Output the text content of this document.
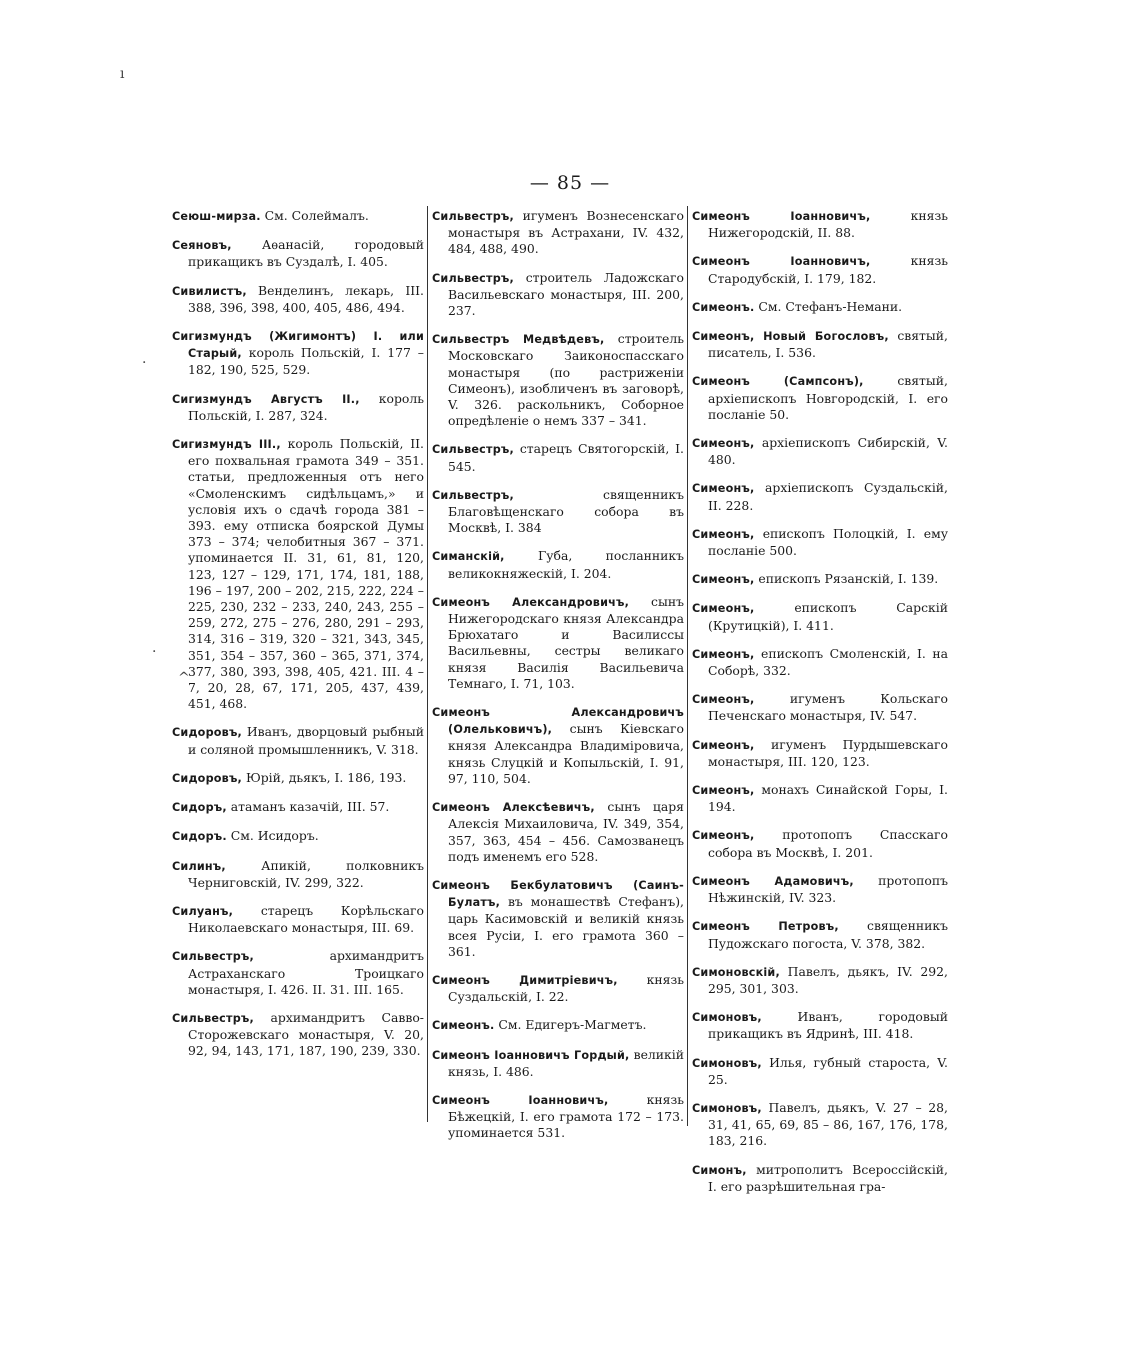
— 85 —

Сеюш-мирза. См. Солеймалъ.

Сеяновъ, Аѳанасій, городовый прикащикъ въ Суздалѣ, I. 405.

Сивилистъ, Венделинъ, лекарь, III. 388, 396, 398, 400, 405, 486, 494.

Сигизмундъ (Жигимонтъ) I. или Старый, король Польскій, I. 177 – 182, 190, 525, 529.

Сигизмундъ Августъ II., король Польскій, I. 287, 324.

Сигизмундъ III., король Польскій, II. его похвальная грамота 349 – 351. статьи, предложенныя отъ него «Смоленскимъ сидѣльцамъ,» и условія ихъ о сдачѣ города 381 – 393. ему отписка боярской Думы 373 – 374; челобитныя 367 – 371. упоминается II. 31, 61, 81, 120, 123, 127 – 129, 171, 174, 181, 188, 196 – 197, 200 – 202, 215, 222, 224 – 225, 230, 232 – 233, 240, 243, 255 – 259, 272, 275 – 276, 280, 291 – 293, 314, 316 – 319, 320 – 321, 343, 345, 351, 354 – 357, 360 – 365, 371, 374, 377, 380, 393, 398, 405, 421. III. 4 – 7, 20, 28, 67, 171, 205, 437, 439, 451, 468.

Сидоровъ, Иванъ, дворцовый рыбный и соляной промышленникъ, V. 318.

Сидоровъ, Юрій, дьякъ, I. 186, 193.

Сидоръ, атаманъ казачій, III. 57.

Сидоръ. См. Исидоръ.

Силинъ,	Апикій, полковникъ Черниговскій, IV. 299, 322.

Силуанъ, старецъ Корѣльскаго Николаевскаго монастыря, III. 69.

Сильвестръ,	архимандритъ Астраханскаго Троицкаго монастыря, I. 426. II. 31. III. 165.

Сильвестръ, архимандритъ Савво-Сторожевскаго монастыря, V. 20, 92, 94, 143, 171, 187, 190, 239, 330.

Сильвестръ, игуменъ Вознесенскаго монастыря въ Астрахани, IV. 432, 484, 488, 490.

Сильвестръ, строитель Ладожскаго Васильевскаго монастыря, III. 200, 237.

Сильвестръ Медвѣдевъ, строитель Московскаго Заиконоспасскаго монастыря (по растриженіи Симеонъ), изобличенъ въ заговорѣ, V. 326. раскольникъ, Соборное опредѣленіе о немъ 337 – 341.

Сильвестръ, старецъ Святогорскій, I. 545.

Сильвестръ,	священникъ Благовѣщенскаго собора въ Москвѣ, I. 384

Симанскій,	Губа, посланникъ великокняжескій, I. 204.

Симеонъ Александровичъ, сынъ Нижегородскаго князя Александра Брюхатаго и Василиссы Васильевны, сестры великаго князя Василія Васильевича Темнаго, I. 71, 103.

Симеонъ Александровичъ (Олельковичъ), сынъ Кіевскаго князя Александра Владиміровича, князь Слуцкій и Копыльскій, I. 91, 97, 110, 504.

Симеонъ Алексѣевичъ, сынъ царя Алексія Михаиловича, IV. 349, 354, 357, 363, 454 – 456. Самозванецъ подъ именемъ его 528.

Симеонъ Бекбулатовичъ (Саинъ-Булатъ, въ монашествѣ Стефанъ), царь Касимовскій и великій князь всея Русіи, I. его грамота 360 – 361.

Симеонъ Димитріевичъ, князь Суздальскій, I. 22.

Симеонъ. См. Едигеръ-Магметъ.

Симеонъ Іоанновичъ Гордый, великій князь, I. 486.

Симеонъ Іоанновичъ,	князь Бѣжецкій, I. его грамота 172 – 173. упоминается 531.

Симеонъ Іоанновичъ,	князь Нижегородскій, II. 88.

Симеонъ Іоанновичъ,	князь Стародубскій, I. 179, 182.

Симеонъ. См. Стефанъ-Немани.

Симеонъ, Новый Богословъ, святый, писатель, I. 536.

Симеонъ (Сампсонъ),	святый, архіепископъ Новгородскій, I. его посланіе 50.

Симеонъ, архіепископъ Сибирскій, V. 480.

Симеонъ, архіепископъ Суздальскій, II. 228.

Симеонъ, епископъ Полоцкій, I. ему посланіе 500.

Симеонъ, епископъ Рязанскій, I. 139.

Симеонъ,	епископъ Сарскій (Крутицкій), I. 411.

Симеонъ, епископъ Смоленскій, I. на Соборѣ, 332.

Симеонъ,	игуменъ Кольскаго Печенскаго монастыря, IV. 547.

Симеонъ, игуменъ Пурдышевскаго монастыря, III. 120, 123.

Симеонъ, монахъ Синайской Горы, I. 194.

Симеонъ, протопопъ Спасскаго собора въ Москвѣ, I. 201.

Симеонъ Адамовичъ, протопопъ Нѣжинскій, IV. 323.

Симеонъ Петровъ, священникъ Пудожскаго погоста, V. 378, 382.

Симоновскій, Павелъ, дьякъ, IV. 292, 295, 301, 303.

Симоновъ,	Иванъ, городовый прикащикъ въ Ядринѣ, III. 418.

Симоновъ, Илья, губный староста, V. 25.

Симоновъ, Павелъ, дьякъ, V. 27 – 28, 31, 41, 65, 69, 85 – 86, 167, 176, 178, 183, 216.

Симонъ, митрополитъ Всероссійскій, I. его разрѣшительная гра-

ı
·
·
^
